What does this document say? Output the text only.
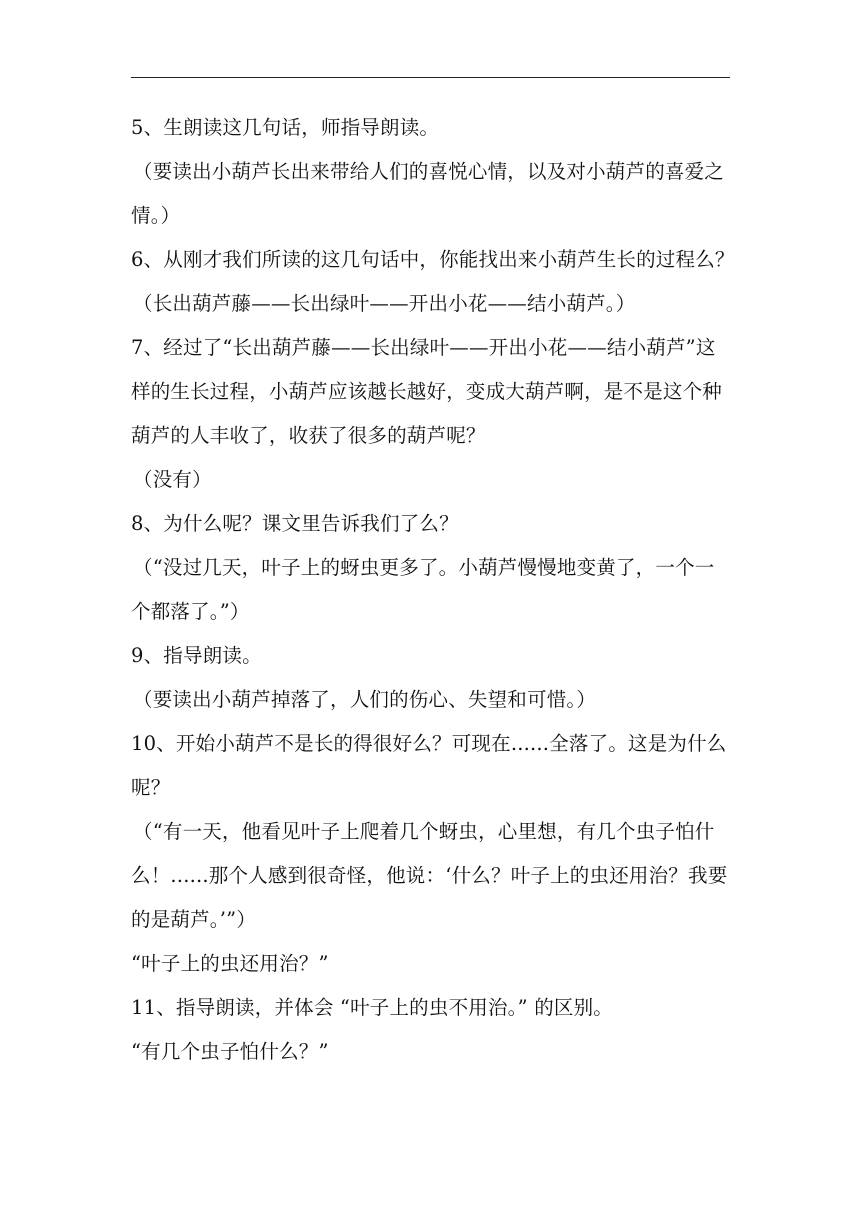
5、生朗读这几句话，师指导朗读。
（要读出小葫芦长出来带给人们的喜悦心情，以及对小葫芦的喜爱之
情。）
6、从刚才我们所读的这几句话中，你能找出来小葫芦生长的过程么？
（长出葫芦藤——长出绿叶——开出小花——结小葫芦。）
7、经过了“长出葫芦藤——长出绿叶——开出小花——结小葫芦”这
样的生长过程，小葫芦应该越长越好，变成大葫芦啊，是不是这个种
葫芦的人丰收了，收获了很多的葫芦呢？
（没有）
8、为什么呢？课文里告诉我们了么？
（“没过几天，叶子上的蚜虫更多了。小葫芦慢慢地变黄了，一个一
个都落了。”）
9、指导朗读。
（要读出小葫芦掉落了，人们的伤心、失望和可惜。）
10、开始小葫芦不是长的得很好么？可现在......全落了。这是为什么
呢？
（“有一天，他看见叶子上爬着几个蚜虫，心里想，有几个虫子怕什
么！......那个人感到很奇怪，他说：‘什么？叶子上的虫还用治？我要
的是葫芦。’”）
“叶子上的虫还用治？”
11、指导朗读，并体会 “叶子上的虫不用治。” 的区别。
“有几个虫子怕什么？”
